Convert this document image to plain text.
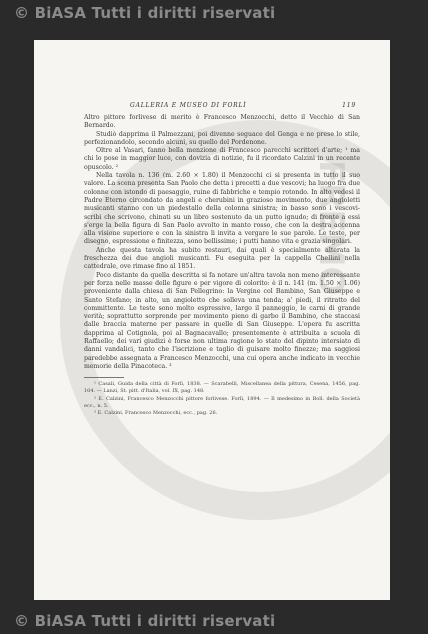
© BiASA Tutti i diritti riservati
FREMO
GALLERIA E MUSEO DI FORLÌ	119

Altro pittore forlivese di merito è Francesco Menzocchi, detto il Vecchio di San Bernardo.

Studiò dapprima il Palmezzani, poi divenne seguace del Genga e ne prese lo stile, perfezionandolo, secondo alcuni, su quello del Pordenone.

Oltre al Vasari, fanno bella menzione di Francesco parecchi scrittori d'arte; ¹ ma chi lo pose in maggior luce, con dovizia di notizie, fu il ricordato Calzini in un recente opuscolo. ²

Nella tavola n. 136 (m. 2.60 × 1.80) il Menzocchi ci si presenta in tutto il suo valore. La scena presenta San Paolo che detta i precetti a due vescovi; ha luogo fra due colonne con istondo di paesaggio, ruine di fabbriche e tempio rotondo. In alto vedesi il Padre Eterno circondato da angeli e cherubini in grazioso movimento, due angioletti musicanti stanno con un piedestallo della colonna sinistra; in basso sono i vescovi-scribi che scrivono, chinati su un libro sostenuto da un putto ignudo; di fronte a essi s'erge la bella figura di San Paolo avvolto in manto rosso, che con la destra accenna alla visione superiore e con la sinistra li invita a vergare le sue parole. Le teste, per disegno, espressione e finitezza, sono bellissime; i putti hanno vita e grazia singolari.

Anche questa tavola ha subito restauri, dai quali è specialmente alterata la freschezza dei due angioli musicanti. Fu eseguita per la cappella Chellini nella cattedrale, ove rimase fino al 1851.

Poco distante da quella descritta si fa notare un'altra tavola non meno interessante per forza nelle masse delle figure e per vigore di colorito: è il n. 141 (m. 1.50 × 1.06) proveniente dalla chiesa di San Pellegrino: la Vergine col Bambino, San Giuseppe e Santo Stefano; in alto, un angioletto che solleva una tenda; a' piedi, il ritratto del committente. Le teste sono molto espressive, largo il panneggio, le carni di grande verità; soprattutto sorprende per movimento pieno di garbo il Bambino, che staccasi dalle braccia materne per passare in quelle di San Giuseppe. L'opera fu ascritta dapprima al Cotignola, poi al Bagnacavallo; presentemente è attribuita a scuola di Raffaello; dei vari giudizi è forse non ultima ragione lo stato del dipinto intersiato di danni vandalici, tanto che l'iscrizione e taglio di guisare molto finezze; ma saggiosi paredebbe assegnata a Francesco Menzocchi, una cui opera anche indicato in vecchie memorie della Pinacoteca. ³

¹ Casali, Guida della città di Forlì, 1838. — Scarabelli, Miscellanea della pittura, Cesena, 1456, pag. 104. — Lanzi, St. pitt. d'Italia, vol. IX, pag. 148.

² E. Calzini, Francesco Menzocchi pittore forlivese. Forlì, 1894. — Il medesimo in Boll. della Società ecc., n. 5.

³ E. Calzini, Francesco Menzocchi, ecc., pag. 26.

© BiASA Tutti i diritti riservati
